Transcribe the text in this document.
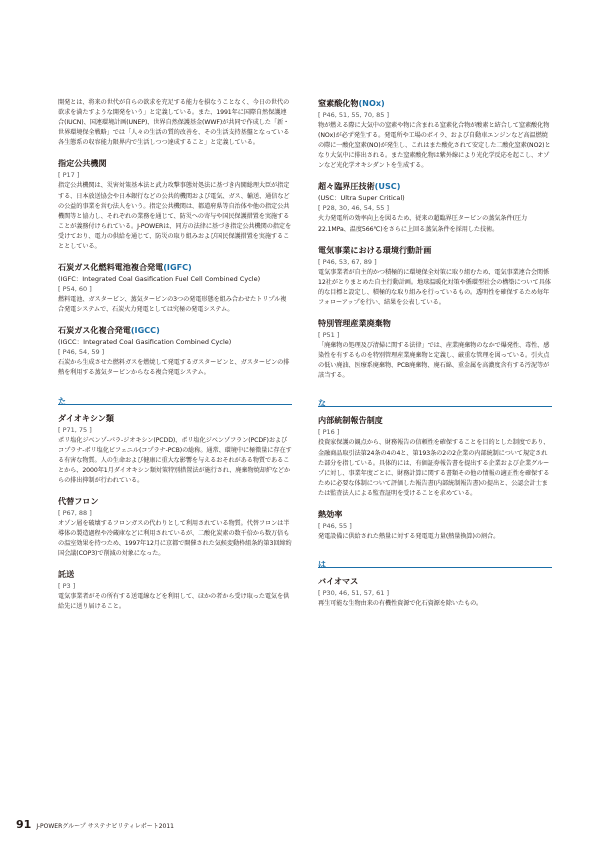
開発とは、将来の世代が自らの欲求を充足する能力を損なうことなく、今日の世代の欲求を満たすような開発をいう」と定義している。また、1991年に国際自然保護連合(IUCN)、国連環境計画(UNEP)、世界自然保護基金(WWF)が共同で作成した「新・世界環境保全戦略」では「人々の生活の質的改善を、その生活支持基盤となっている各生態系の収容能力限界内で生活しつつ達成すること」と定義している。

指定公共機関

[ P17 ]

指定公共機関は、災害対策基本法と武力攻撃事態対処法に基づき内閣総理大臣が指定する、日本放送協会や日本銀行などの公共的機関および電気、ガス、輸送、通信などの公益的事業を営む法人をいう。指定公共機関は、都道府県等自治体や他の指定公共機関等と協力し、それぞれの業務を通じて、防災への寄与や国民保護措置を実施することが義務付けられている。J-POWERは、同方の法律に基づき指定公共機関の指定を受けており、電力の供給を通じて、防災の取り組みおよび国民保護措置を実施することとしている。

石炭ガス化燃料電池複合発電(IGFC)

(IGFC：Integrated Coal Gasification Fuel Cell Combined Cycle)

[ P54, 60 ]

燃料電池、ガスタービン、蒸気タービンの3つの発電形態を組み合わせたトリプル複合発電システムで、石炭火力発電としては究極の発電システム。

石炭ガス化複合発電(IGCC)

(IGCC：Integrated Coal Gasification Combined Cycle)

[ P46, 54, 59 ]

石炭から生成させた燃料ガスを燃焼して発電するガスタービンと、ガスタービンの排熱を利用する蒸気タービンからなる複合発電システム。

た

ダイオキシン類

[ P71, 75 ]

ポリ塩化ジベンゾ-パラ-ジオキシン(PCDD)、ポリ塩化ジベンゾフラン(PCDF)およびコプラナ-ポリ塩化ビフェニル(コプラナ-PCB)の総称。通常、環境中に極微量に存在する有害な物質。人の生命および健康に重大な影響を与えるおそれがある物質であることから、2000年1月ダイオキシン類対策特別措置法が施行され、廃棄物焼却炉などからの排出抑制が行われている。

代替フロン

[ P67, 88 ]

オゾン層を破壊するフロンガスの代わりとして利用されている物質。代替フロンは半導体の製造過程や冷蔵庫などに利用されているが、二酸化炭素の数千倍から数万倍もの温室効果を持つため、1997年12月に京都で開催された気候変動枠組条約第3回締約国会議(COP3)で削減の対象になった。

託送

[ P3 ]

電気事業者がその所有する送電線などを利用して、ほかの者から受け取った電気を供給先に送り届けること。

窒素酸化物(NOx)

[ P46, 51, 55, 70, 85 ]

物が燃える際に大気中の窒素や物に含まれる窒素化合物が酸素と結合して窒素酸化物(NOx)が必ず発生する。発電所や工場のボイラ、および自動車エンジンなど高温燃焼の際に一酸化窒素(NO)が発生し、これはまた酸化されて安定した二酸化窒素(NO2)となり大気中に排出される。また窒素酸化物は紫外線により光化学反応を起こし、オゾンなど光化学オキシダントを生成する。

超々臨界圧技術(USC)

(USC：Ultra Super Critical)

[ P28, 30, 46, 54, 55 ]

火力発電所の効率向上を図るため、従来の超臨界圧タービンの蒸気条件(圧力22.1MPa、温度566℃)をさらに上回る蒸気条件を採用した技術。

電気事業における環境行動計画

[ P46, 53, 67, 89 ]

電気事業者が自主的かつ積極的に環境保全対策に取り組むため、電気事業連合会関係12社がとりまとめた自主行動計画。地球温暖化対策や循環型社会の構築について具体的な目標と設定し、積極的な取り組みを行っているもの。透明性を確保するため毎年フォローアップを行い、結果を公表している。

特別管理産業廃棄物

[ P51 ]

「廃棄物の処理及び清掃に関する法律」では、産業廃棄物のなかで爆発性、毒性、感染性を有するものを特別管理産業廃棄物と定義し、厳重な管理を図っている。引火点の低い廃油、医療系廃棄物、PCB廃棄物、廃石綿、重金属を高濃度含有する汚泥等が該当する。

な

内部統制報告制度

[ P16 ]

投資家保護の観点から、財務報告の信頼性を確保することを目的とした制度であり、金融商品取引法第24条の4の4と、第193条の2の2企業の内部統制について規定された部分を指している。具体的には、有価証券報告書を提出する企業および企業グループに対し、事業年度ごとに、財務計算に関する書類その他の情報の適正性を確保するために必要な体制について評価した報告書(内部統制報告書)の提出と、公認会計士または監査法人による監査証明を受けることを求めている。

熱効率

[ P46, 55 ]

発電設備に供給された熱量に対する発電電力量(熱量換算)の割合。

は

バイオマス

[ P30, 46, 51, 57, 61 ]

再生可能な生物由来の有機性資源で化石資源を除いたもの。

91 J-POWERグループ サステナビリティレポート2011
